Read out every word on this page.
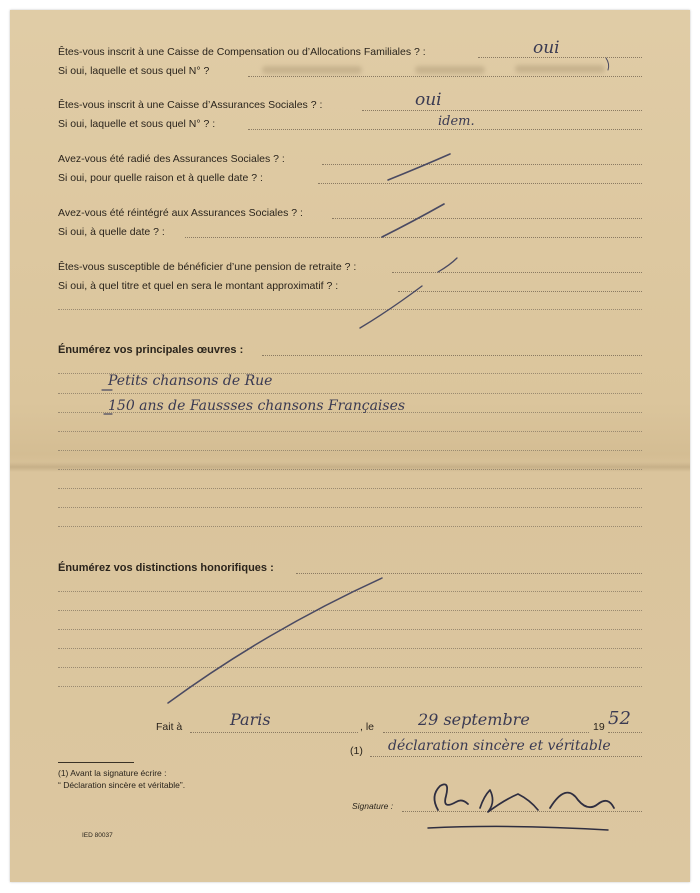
Êtes-vous inscrit à une Caisse de Compensation ou d’Allocations Familiales ? :	oui
Si oui, laquelle et sous quel N° ?
Êtes-vous inscrit à une Caisse d’Assurances Sociales ? :	oui
Si oui, laquelle et sous quel N° ? :	idem.
Avez-vous été radié des Assurances Sociales ? :
Si oui, pour quelle raison et à quelle date ? :
Avez-vous été réintégré aux Assurances Sociales ? :
Si oui, à quelle date ? :
Êtes-vous susceptible de bénéficier d’une pension de retraite ? :
Si oui, à quel titre et quel en sera le montant approximatif ? :
Énumérez vos principales œuvres :
Petits chansons de Rue
150 ans de Faussses chansons Françaises
Énumérez vos distinctions honorifiques :
Fait à	Paris	, le	29 septembre	19 52
(1) déclaration sincère et véritable
(1) Avant la signature écrire :
“ Déclaration sincère et véritable”.
Signature :
IED 80037
